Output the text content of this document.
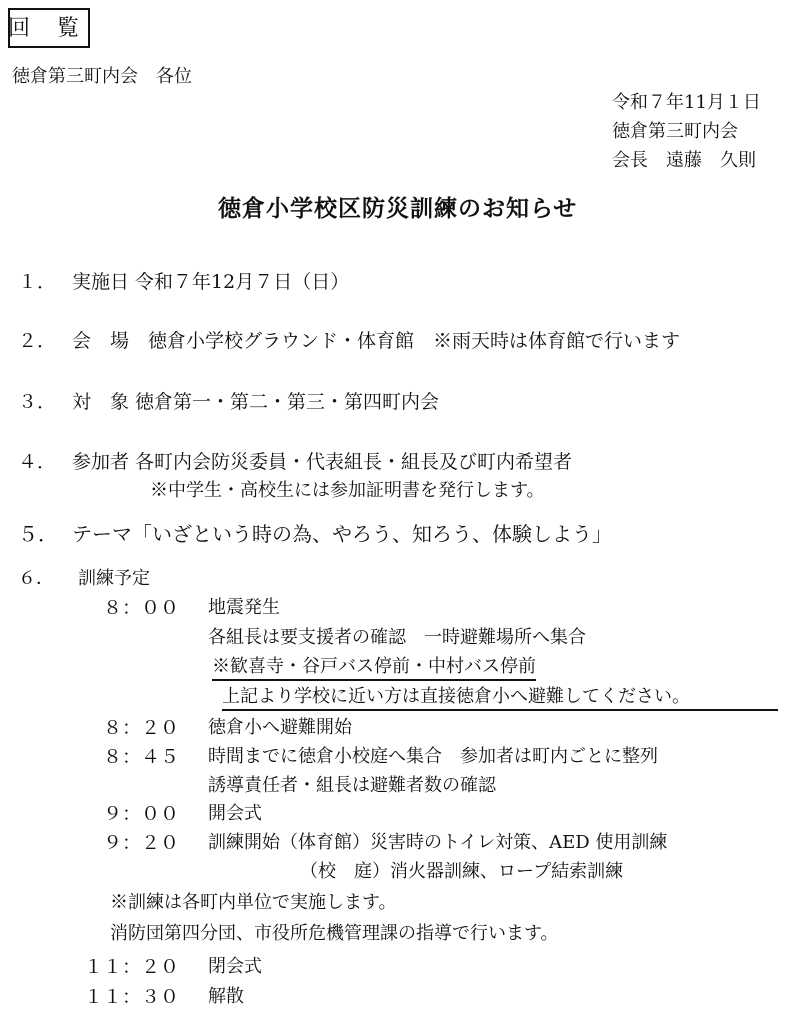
回 覧
徳倉第三町内会　各位
令和７年11月１日
徳倉第三町内会
会長　遠藤　久則
徳倉小学校区防災訓練のお知らせ
１． 実施日 令和７年12月７日（日）
２． 会　場　徳倉小学校グラウンド・体育館　※雨天時は体育館で行います
３． 対　象 徳倉第一・第二・第三・第四町内会
４． 参加者 各町内会防災委員・代表組長・組長及び町内希望者
※中学生・高校生には参加証明書を発行します。
５． テーマ「いざという時の為、やろう、知ろう、体験しよう」
６． 訓練予定
８：００ 地震発生
各組長は要支援者の確認　一時避難場所へ集合
※歓喜寺・谷戸バス停前・中村バス停前
上記より学校に近い方は直接徳倉小へ避難してください。
８：２０ 徳倉小へ避難開始
８：４５ 時間までに徳倉小校庭へ集合　参加者は町内ごとに整列
誘導責任者・組長は避難者数の確認
９：００ 開会式
９：２０ 訓練開始（体育館）災害時のトイレ対策、AED 使用訓練
（校　庭）消火器訓練、ロープ結索訓練
※訓練は各町内単位で実施します。
消防団第四分団、市役所危機管理課の指導で行います。
１１：２０ 閉会式
１１：３０ 解散
